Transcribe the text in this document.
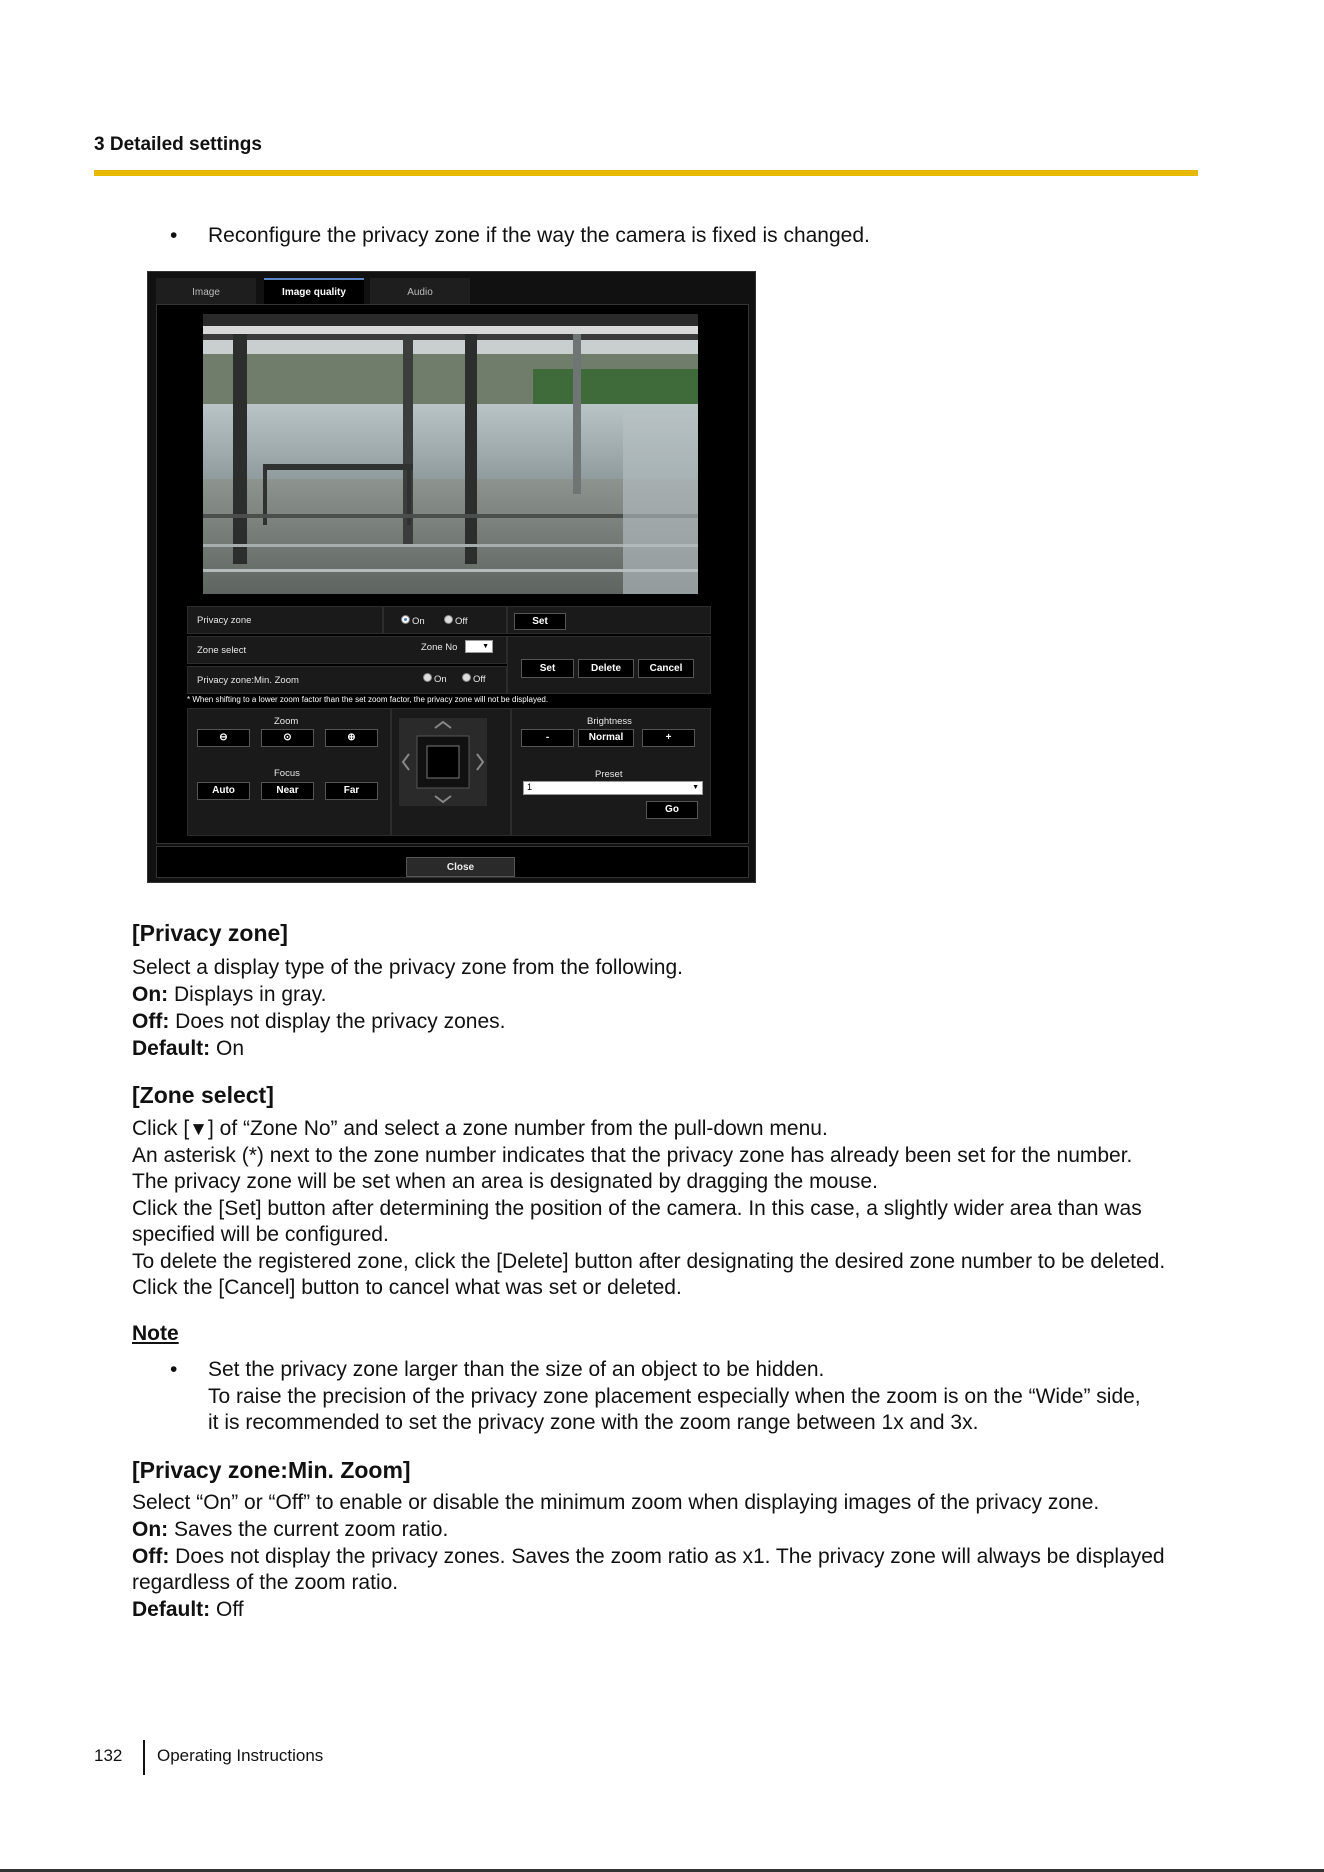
3 Detailed settings
• Reconfigure the privacy zone if the way the camera is fixed is changed.
Image	Image quality	Audio
Privacy zone	On	Off	Set
Zone select	Zone No	▼
Set	Delete	Cancel
Privacy zone:Min. Zoom	On	Off
* When shifting to a lower zoom factor than the set zoom factor, the privacy zone will not be displayed.
Zoom
⊖	⊙	⊕
Focus
Auto	Near	Far
Brightness
-	Normal	+
Preset
1	▼
Go
Close
[Privacy zone]
Select a display type of the privacy zone from the following.
On: Displays in gray.
Off: Does not display the privacy zones.
Default: On
[Zone select]
Click [▼] of “Zone No” and select a zone number from the pull-down menu.
An asterisk (*) next to the zone number indicates that the privacy zone has already been set for the number.
The privacy zone will be set when an area is designated by dragging the mouse.
Click the [Set] button after determining the position of the camera. In this case, a slightly wider area than was
specified will be configured.
To delete the registered zone, click the [Delete] button after designating the desired zone number to be deleted.
Click the [Cancel] button to cancel what was set or deleted.
Note
• Set the privacy zone larger than the size of an object to be hidden.
To raise the precision of the privacy zone placement especially when the zoom is on the “Wide” side,
it is recommended to set the privacy zone with the zoom range between 1x and 3x.
[Privacy zone:Min. Zoom]
Select “On” or “Off” to enable or disable the minimum zoom when displaying images of the privacy zone.
On: Saves the current zoom ratio.
Off: Does not display the privacy zones. Saves the zoom ratio as x1. The privacy zone will always be displayed
regardless of the zoom ratio.
Default: Off
132 Operating Instructions
